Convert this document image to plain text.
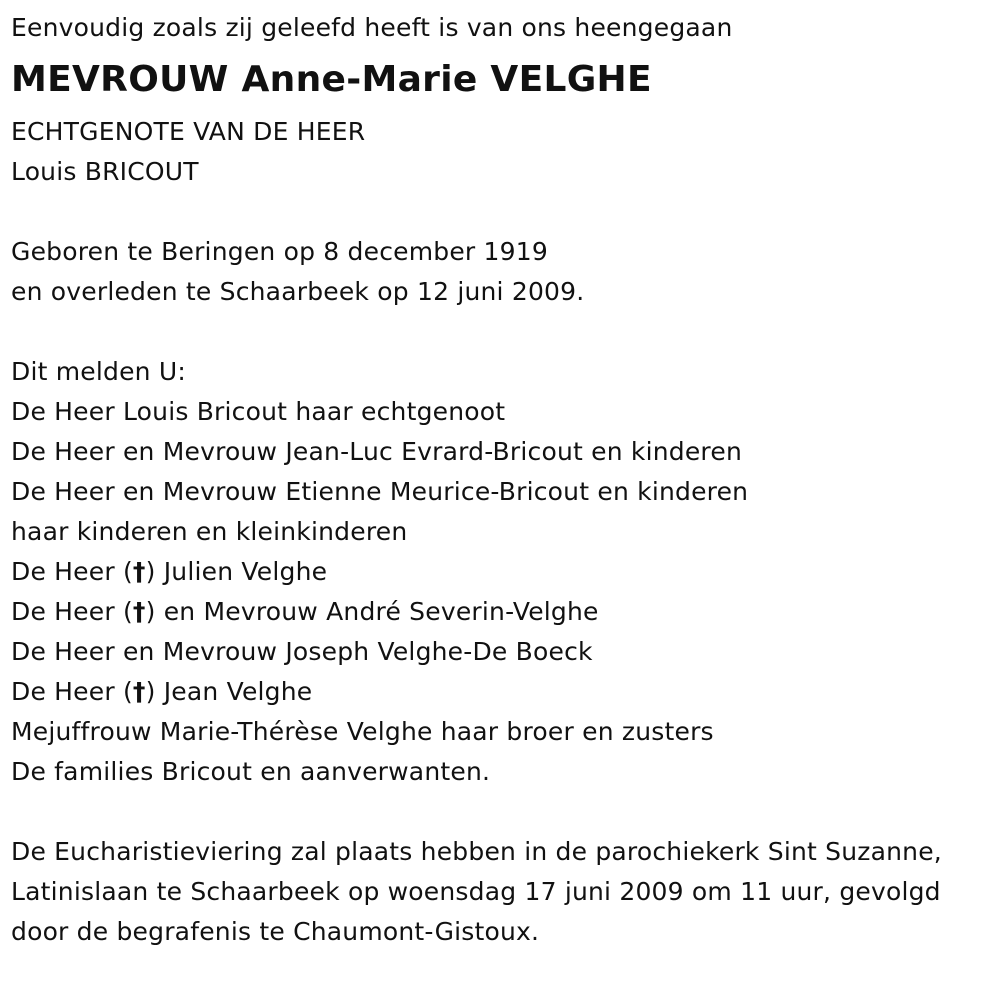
Eenvoudig zoals zij geleefd heeft is van ons heengegaan
MEVROUW Anne-Marie VELGHE
ECHTGENOTE VAN DE HEER
Louis BRICOUT
Geboren te Beringen op 8 december 1919
en overleden te Schaarbeek op 12 juni 2009.
Dit melden U:
De Heer Louis Bricout haar echtgenoot
De Heer en Mevrouw Jean-Luc Evrard-Bricout en kinderen
De Heer en Mevrouw Etienne Meurice-Bricout en kinderen
haar kinderen en kleinkinderen
De Heer (†) Julien Velghe
De Heer (†) en Mevrouw André Severin-Velghe
De Heer en Mevrouw Joseph Velghe-De Boeck
De Heer (†) Jean Velghe
Mejuffrouw Marie-Thérèse Velghe haar broer en zusters
De families Bricout en aanverwanten.
De Eucharistieviering zal plaats hebben in de parochiekerk Sint Suzanne,
Latinislaan te Schaarbeek op woensdag 17 juni 2009 om 11 uur, gevolgd
door de begrafenis te Chaumont-Gistoux.
